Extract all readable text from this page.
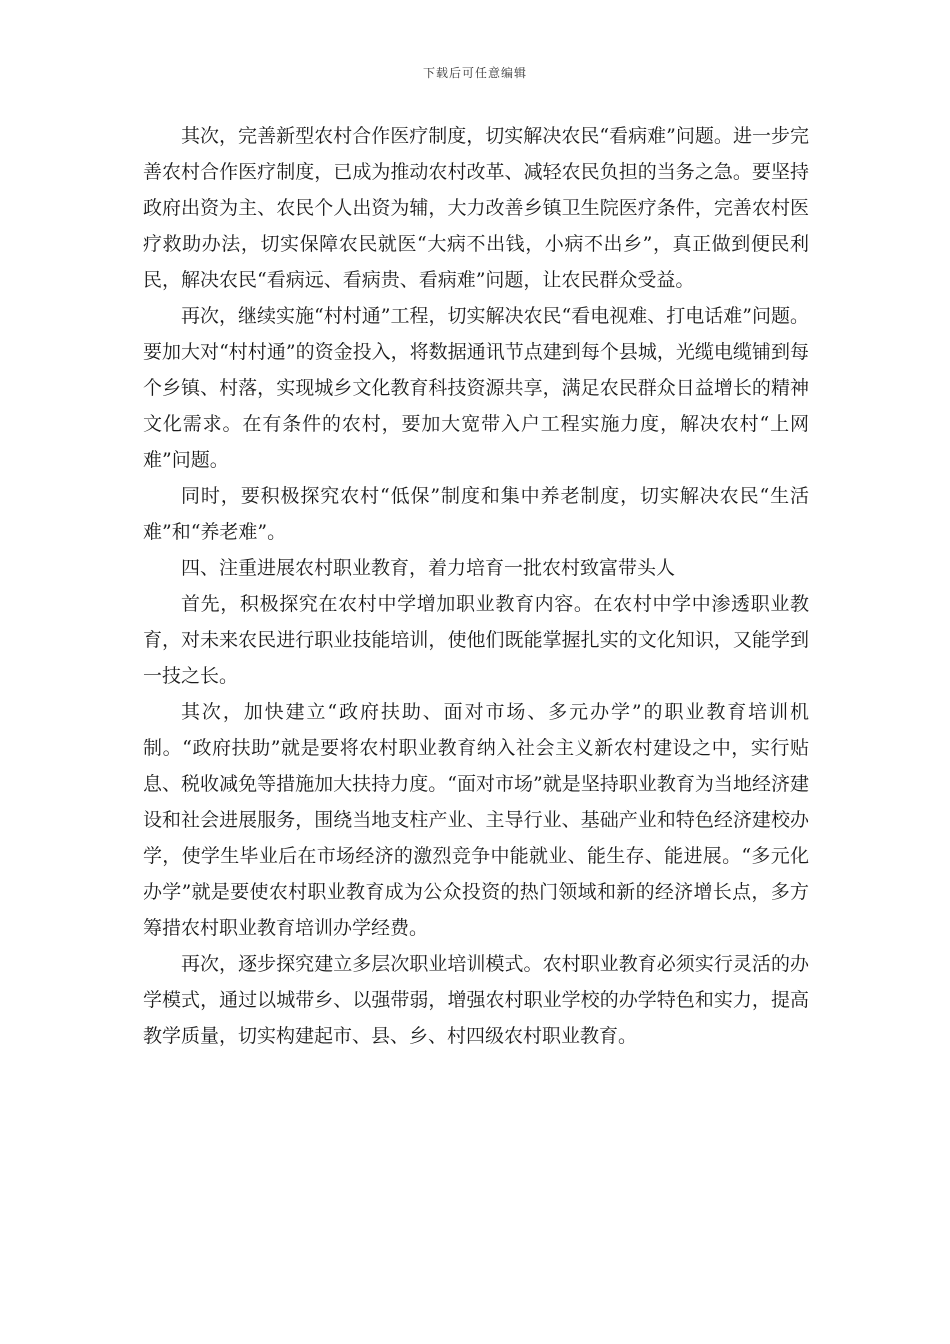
下载后可任意编辑

其次，完善新型农村合作医疗制度，切实解决农民“看病难”问题。进一步完善农村合作医疗制度，已成为推动农村改革、减轻农民负担的当务之急。要坚持政府出资为主、农民个人出资为辅，大力改善乡镇卫生院医疗条件，完善农村医疗救助办法，切实保障农民就医“大病不出钱，小病不出乡”，真正做到便民利民，解决农民“看病远、看病贵、看病难”问题，让农民群众受益。

再次，继续实施“村村通”工程，切实解决农民“看电视难、打电话难”问题。要加大对“村村通”的资金投入，将数据通讯节点建到每个县城，光缆电缆铺到每个乡镇、村落，实现城乡文化教育科技资源共享，满足农民群众日益增长的精神文化需求。在有条件的农村，要加大宽带入户工程实施力度，解决农村“上网难”问题。

同时，要积极探究农村“低保”制度和集中养老制度，切实解决农民“生活难”和“养老难”。

四、注重进展农村职业教育，着力培育一批农村致富带头人

首先，积极探究在农村中学增加职业教育内容。在农村中学中渗透职业教育，对未来农民进行职业技能培训，使他们既能掌握扎实的文化知识，又能学到一技之长。

其次，加快建立“政府扶助、面对市场、多元办学”的职业教育培训机制。“政府扶助”就是要将农村职业教育纳入社会主义新农村建设之中，实行贴息、税收减免等措施加大扶持力度。“面对市场”就是坚持职业教育为当地经济建设和社会进展服务，围绕当地支柱产业、主导行业、基础产业和特色经济建校办学，使学生毕业后在市场经济的激烈竞争中能就业、能生存、能进展。“多元化办学”就是要使农村职业教育成为公众投资的热门领域和新的经济增长点，多方筹措农村职业教育培训办学经费。

再次，逐步探究建立多层次职业培训模式。农村职业教育必须实行灵活的办学模式，通过以城带乡、以强带弱，增强农村职业学校的办学特色和实力，提高教学质量，切实构建起市、县、乡、村四级农村职业教育。
